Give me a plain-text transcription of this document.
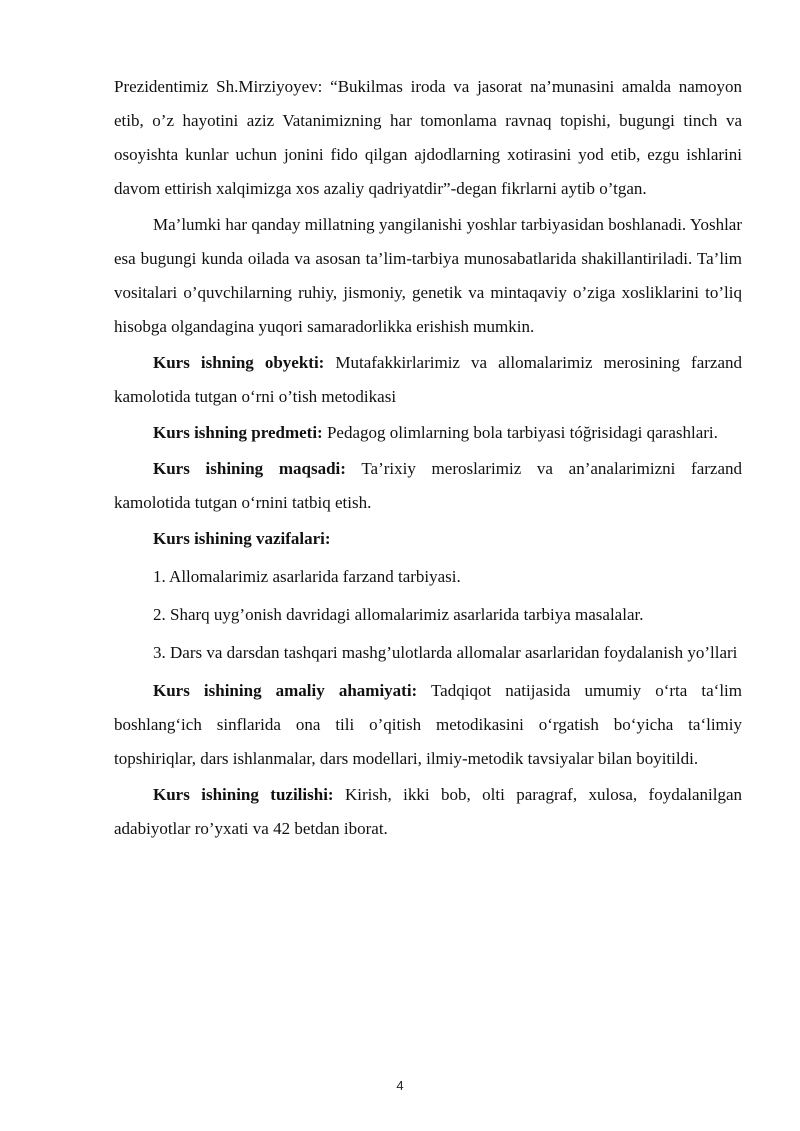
Prezidentimiz Sh.Mirziyoyev: “Bukilmas iroda va jasorat na’munasini amalda namoyon etib, o’z hayotini aziz Vatanimizning har tomonlama ravnaq topishi, bugungi tinch va osoyishta kunlar uchun jonini fido qilgan ajdodlarning xotirasini yod etib, ezgu ishlarini davom ettirish xalqimizga xos azaliy qadriyatdir”-degan fikrlarni aytib o’tgan.

Ma’lumki har qanday millatning yangilanishi yoshlar tarbiyasidan boshlanadi. Yoshlar esa bugungi kunda oilada va asosan ta’lim-tarbiya munosabatlarida shakillantiriladi. Ta’lim vositalari o’quvchilarning ruhiy, jismoniy, genetik va mintaqaviy o’ziga xosliklarini to’liq hisobga olgandagina yuqori samaradorlikka erishish mumkin.

Kurs ishning obyekti: Mutafakkirlarimiz va allomalarimiz merosining farzand kamolotida tutgan o‘rni o’tish metodikasi

Kurs ishning predmeti: Pedagog olimlarning bola tarbiyasi tóğrisidagi qarashlari.

Kurs ishining maqsadi: Ta’rixiy meroslarimiz va an’analarimizni farzand kamolotida tutgan o‘rnini tatbiq etish.

Kurs ishining vazifalari:

1. Allomalarimiz asarlarida farzand tarbiyasi.

2. Sharq uyg’onish davridagi allomalarimiz asarlarida tarbiya masalalar.

3. Dars va darsdan tashqari mashg’ulotlarda allomalar asarlaridan foydalanish yo’llari

Kurs ishining amaliy ahamiyati: Tadqiqot natijasida umumiy o‘rta ta‘lim boshlang‘ich sinflarida ona tili o’qitish metodikasini o‘rgatish bo‘yicha ta‘limiy topshiriqlar, dars ishlanmalar, dars modellari, ilmiy-metodik tavsiyalar bilan boyitildi.

Kurs ishining tuzilishi: Kirish, ikki bob, olti paragraf, xulosa, foydalanilgan adabiyotlar ro’yxati va 42 betdan iborat.

4
